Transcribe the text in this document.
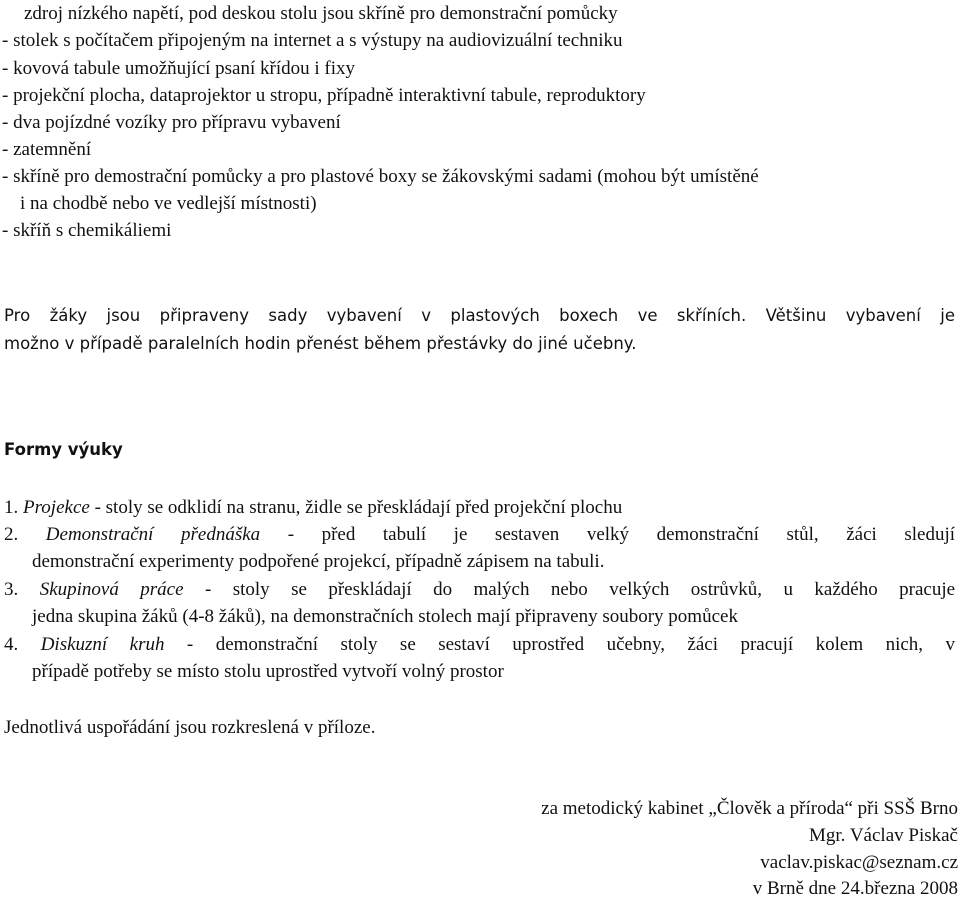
zdroj nízkého napětí, pod deskou stolu jsou skříně pro demonstrační pomůcky
- stolek s počítačem připojeným na internet a s výstupy na audiovizuální techniku
- kovová tabule umožňující psaní křídou i fixy
- projekční plocha, dataprojektor u stropu, případně interaktivní tabule, reproduktory
- dva pojízdné vozíky pro přípravu vybavení
- zatemnění
- skříně pro demostrační pomůcky a pro plastové boxy se žákovskými sadami (mohou být umístěné
i na chodbě nebo ve vedlejší místnosti)
- skříň s chemikáliemi
Pro žáky jsou připraveny sady vybavení v plastových boxech ve skříních. Většinu vybavení je
možno v případě paralelních hodin přenést během přestávky do jiné učebny.
Formy výuky
1. Projekce - stoly se odklidí na stranu, židle se přeskládají před projekční plochu
2. Demonstrační přednáška - před tabulí je sestaven velký demonstrační stůl, žáci sledují
demonstrační experimenty podpořené projekcí, případně zápisem na tabuli.
3. Skupinová práce - stoly se přeskládají do malých nebo velkých ostrůvků, u každého pracuje
jedna skupina žáků (4-8 žáků), na demonstračních stolech mají připraveny soubory pomůcek
4. Diskuzní kruh - demonstrační stoly se sestaví uprostřed učebny, žáci pracují kolem nich, v
případě potřeby se místo stolu uprostřed vytvoří volný prostor
Jednotlivá uspořádání jsou rozkreslená v příloze.
za metodický kabinet „Člověk a příroda“ při SSŠ Brno
Mgr. Václav Piskač
vaclav.piskac@seznam.cz
v Brně dne 24.března 2008
